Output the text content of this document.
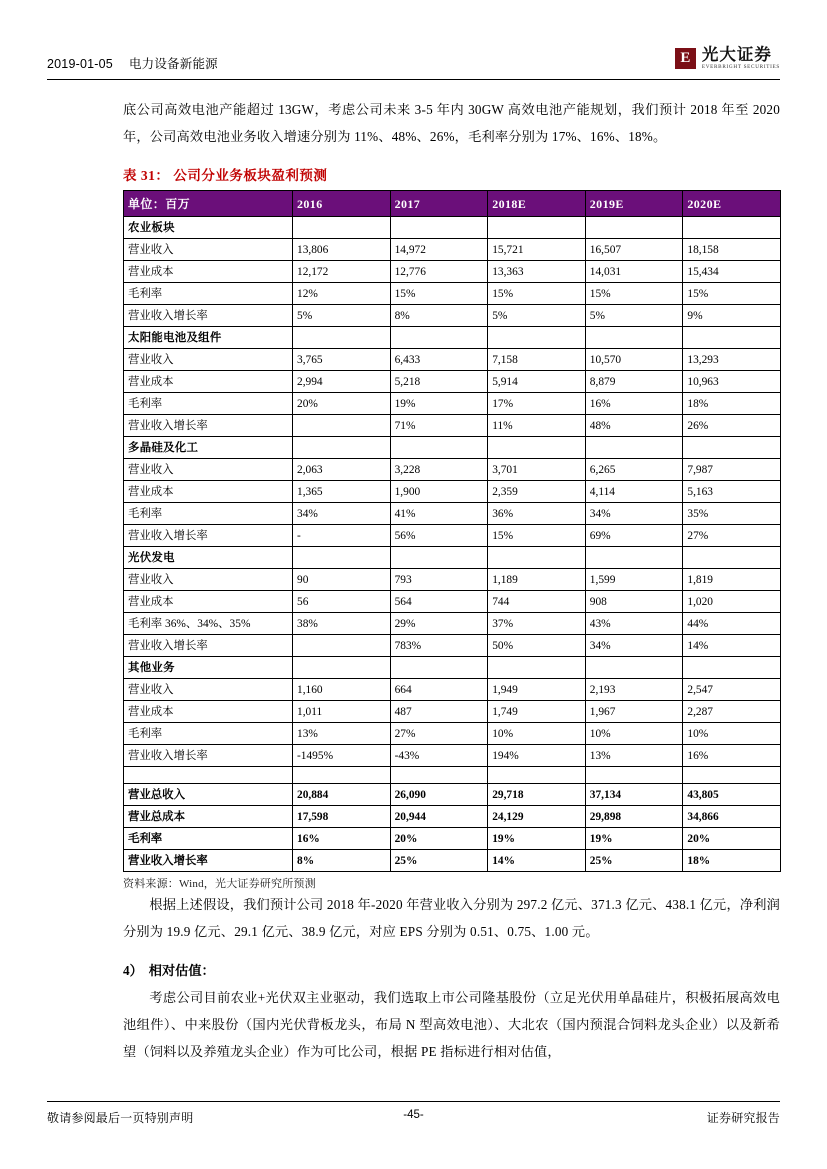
2019-01-05 电力设备新能源	E 光大证券
EVERBRIGHT SECURITIES

底公司高效电池产能超过 13GW，考虑公司未来 3-5 年内 30GW 高效电池产能规划，我们预计 2018 年至 2020 年，公司高效电池业务收入增速分别为 11%、48%、26%，毛利率分别为 17%、16%、18%。

表 31： 公司分业务板块盈利预测
单位：百万	2016	2017	2018E	2019E	2020E
农业板块					
营业收入	13,806	14,972	15,721	16,507	18,158
营业成本	12,172	12,776	13,363	14,031	15,434
毛利率	12%	15%	15%	15%	15%
营业收入增长率	5%	8%	5%	5%	9%
太阳能电池及组件					
营业收入	3,765	6,433	7,158	10,570	13,293
营业成本	2,994	5,218	5,914	8,879	10,963
毛利率	20%	19%	17%	16%	18%
营业收入增长率		71%	11%	48%	26%
多晶硅及化工					
营业收入	2,063	3,228	3,701	6,265	7,987
营业成本	1,365	1,900	2,359	4,114	5,163
毛利率	34%	41%	36%	34%	35%
营业收入增长率	-	56%	15%	69%	27%
光伏发电					
营业收入	90	793	1,189	1,599	1,819
营业成本	56	564	744	908	1,020
毛利率 36%、34%、35%	38%	29%	37%	43%	44%
营业收入增长率		783%	50%	34%	14%
其他业务					
营业收入	1,160	664	1,949	2,193	2,547
营业成本	1,011	487	1,749	1,967	2,287
毛利率	13%	27%	10%	10%	10%
营业收入增长率	-1495%	-43%	194%	13%	16%

营业总收入	20,884	26,090	29,718	37,134	43,805
营业总成本	17,598	20,944	24,129	29,898	34,866
毛利率	16%	20%	19%	19%	20%
营业收入增长率	8%	25%	14%	25%	18%
资料来源：Wind，光大证券研究所预测

根据上述假设，我们预计公司 2018 年-2020 年营业收入分别为 297.2 亿元、371.3 亿元、438.1 亿元，净利润分别为 19.9 亿元、29.1 亿元、38.9 亿元，对应 EPS 分别为 0.51、0.75、1.00 元。

4） 相对估值：

考虑公司目前农业+光伏双主业驱动，我们选取上市公司隆基股份（立足光伏用单晶硅片，积极拓展高效电池组件）、中来股份（国内光伏背板龙头，布局 N 型高效电池）、大北农（国内预混合饲料龙头企业）以及新希望（饲料以及养殖龙头企业）作为可比公司，根据 PE 指标进行相对估值，

敬请参阅最后一页特别声明	证券研究报告
-45-
